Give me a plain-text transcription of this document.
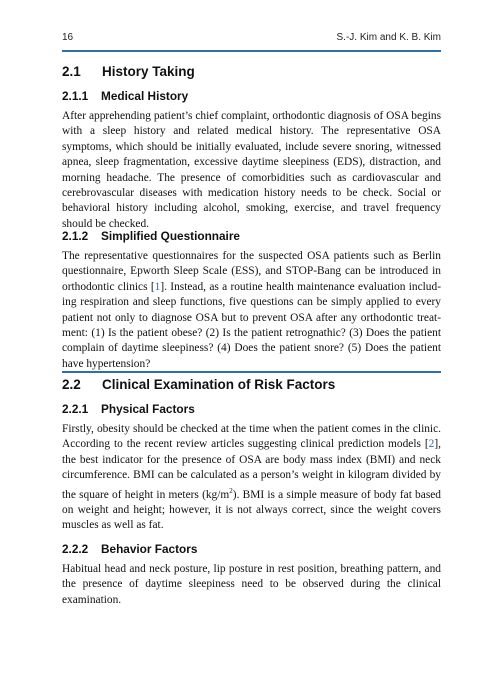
16	S.-J. Kim and K. B. Kim
2.1 History Taking
2.1.1 Medical History

After apprehending patient’s chief complaint, orthodontic diagnosis of OSA begins with a sleep history and related medical history. The representative OSA symptoms, which should be initially evaluated, include severe snoring, witnessed apnea, sleep fragmentation, excessive daytime sleepiness (EDS), distraction, and morning headache. The presence of comorbidities such as cardiovascular and cerebrovascular diseases with medication history needs to be check. Social or behavioral history including alcohol, smoking, exercise, and travel frequency should be checked.

2.1.2 Simplified Questionnaire

The representative questionnaires for the suspected OSA patients such as Berlin questionnaire, Epworth Sleep Scale (ESS), and STOP-Bang can be introduced in orthodontic clinics [1]. Instead, as a routine health maintenance evaluation including respiration and sleep functions, five questions can be simply applied to every patient not only to diagnose OSA but to prevent OSA after any orthodontic treatment: (1) Is the patient obese? (2) Is the patient retrognathic? (3) Does the patient complain of daytime sleepiness? (4) Does the patient snore? (5) Does the patient have hypertension?

2.2 Clinical Examination of Risk Factors
2.2.1 Physical Factors

Firstly, obesity should be checked at the time when the patient comes in the clinic. According to the recent review articles suggesting clinical prediction models [2], the best indicator for the presence of OSA are body mass index (BMI) and neck circumference. BMI can be calculated as a person’s weight in kilogram divided by the square of height in meters $(kg/m^2)$. BMI is a simple measure of body fat based on weight and height; however, it is not always correct, since the weight covers muscles as well as fat.

2.2.2 Behavior Factors

Habitual head and neck posture, lip posture in rest position, breathing pattern, and the presence of daytime sleepiness need to be observed during the clinical examination.
